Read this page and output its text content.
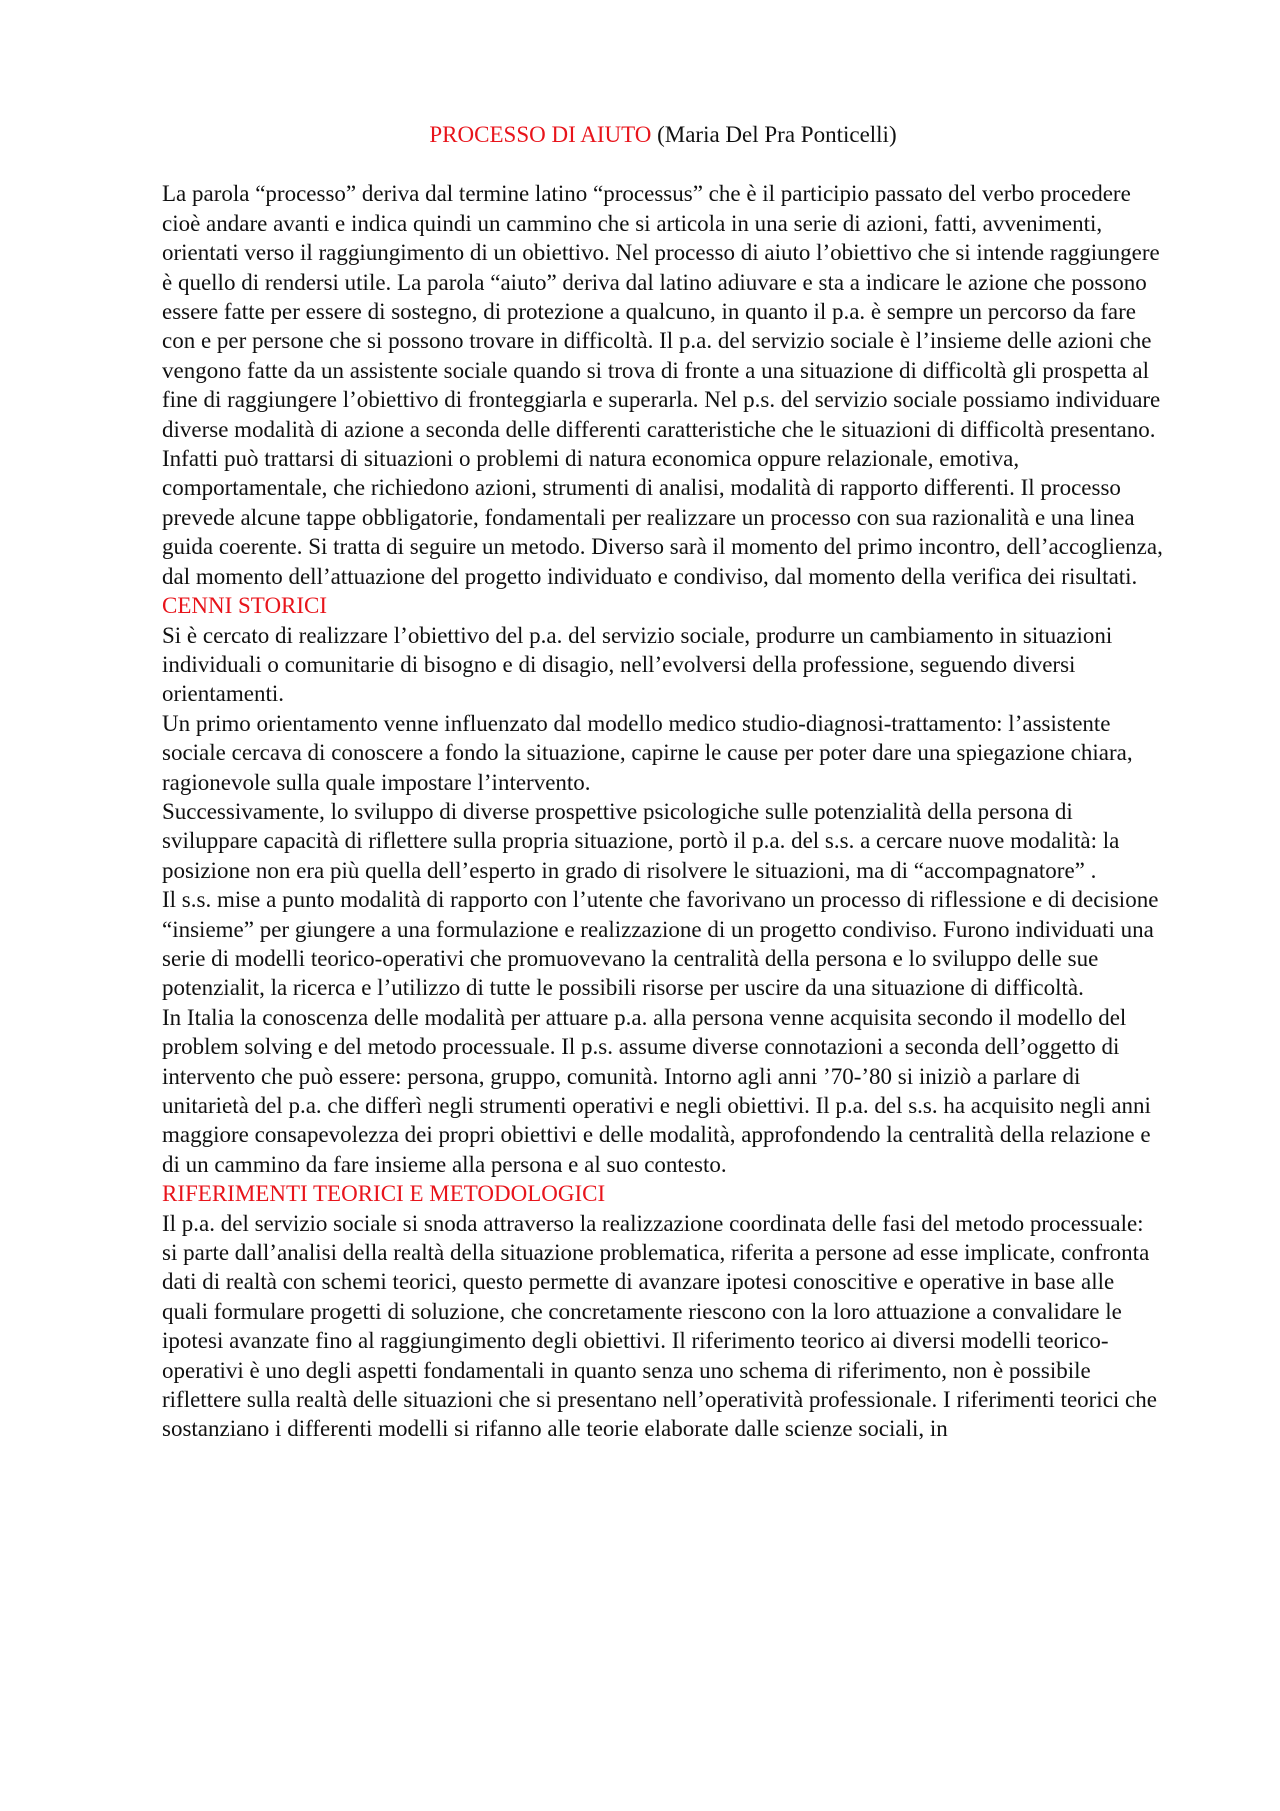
PROCESSO DI AIUTO (Maria Del Pra Ponticelli)

La parola “processo” deriva dal termine latino “processus” che è il participio passato del verbo procedere cioè andare avanti e indica quindi un cammino che si articola in una serie di azioni, fatti, avvenimenti, orientati verso il raggiungimento di un obiettivo. Nel processo di aiuto l’obiettivo che si intende raggiungere è quello di rendersi utile. La parola “aiuto” deriva dal latino adiuvare e sta a indicare le azione che possono essere fatte per essere di sostegno, di protezione a qualcuno, in quanto il p.a. è sempre un percorso da fare con e per persone che si possono trovare in difficoltà. Il p.a. del servizio sociale è l’insieme delle azioni che vengono fatte da un assistente sociale quando si trova di fronte a una situazione di difficoltà gli prospetta al fine di raggiungere l’obiettivo di fronteggiarla e superarla. Nel p.s. del servizio sociale possiamo individuare diverse modalità di azione a seconda delle differenti caratteristiche che le situazioni di difficoltà presentano. Infatti può trattarsi di situazioni o problemi di natura economica oppure relazionale, emotiva, comportamentale, che richiedono azioni, strumenti di analisi, modalità di rapporto differenti. Il processo prevede alcune tappe obbligatorie, fondamentali per realizzare un processo con sua razionalità e una linea guida coerente. Si tratta di seguire un metodo. Diverso sarà il momento del primo incontro, dell’accoglienza, dal momento dell’attuazione del progetto individuato e condiviso, dal momento della verifica dei risultati.

CENNI STORICI

Si è cercato di realizzare l’obiettivo del p.a. del servizio sociale, produrre un cambiamento in situazioni individuali o comunitarie di bisogno e di disagio, nell’evolversi della professione, seguendo diversi orientamenti.

Un primo orientamento venne influenzato dal modello medico studio-diagnosi-trattamento: l’assistente sociale cercava di conoscere a fondo la situazione, capirne le cause per poter dare una spiegazione chiara, ragionevole sulla quale impostare l’intervento.

Successivamente, lo sviluppo di diverse prospettive psicologiche sulle potenzialità della persona di sviluppare capacità di riflettere sulla propria situazione, portò il p.a. del s.s. a cercare nuove modalità: la posizione non era più quella dell’esperto in grado di risolvere le situazioni, ma di “accompagnatore” .

Il s.s. mise a punto modalità di rapporto con l’utente che favorivano un processo di riflessione e di decisione “insieme” per giungere a una formulazione e realizzazione di un progetto condiviso. Furono individuati una serie di modelli teorico-operativi che promuovevano la centralità della persona e lo sviluppo delle sue potenzialit, la ricerca e l’utilizzo di tutte le possibili risorse per uscire da una situazione di difficoltà.

In Italia la conoscenza delle modalità per attuare p.a. alla persona venne acquisita secondo il modello del problem solving e del metodo processuale. Il p.s. assume diverse connotazioni a seconda dell’oggetto di intervento che può essere: persona, gruppo, comunità. Intorno agli anni ’70-’80 si iniziò a parlare di unitarietà del p.a. che differì negli strumenti operativi e negli obiettivi. Il p.a. del s.s. ha acquisito negli anni maggiore consapevolezza dei propri obiettivi e delle modalità, approfondendo la centralità della relazione e di un cammino da fare insieme alla persona e al suo contesto.

RIFERIMENTI TEORICI E METODOLOGICI

Il p.a. del servizio sociale si snoda attraverso la realizzazione coordinata delle fasi del metodo processuale: si parte dall’analisi della realtà della situazione problematica, riferita a persone ad esse implicate, confronta dati di realtà con schemi teorici, questo permette di avanzare ipotesi conoscitive e operative in base alle quali formulare progetti di soluzione, che concretamente riescono con la loro attuazione a convalidare le ipotesi avanzate fino al raggiungimento degli obiettivi. Il riferimento teorico ai diversi modelli teorico-operativi è uno degli aspetti fondamentali in quanto senza uno schema di riferimento, non è possibile riflettere sulla realtà delle situazioni che si presentano nell’operatività professionale. I riferimenti teorici che sostanziano i differenti modelli si rifanno alle teorie elaborate dalle scienze sociali, in
